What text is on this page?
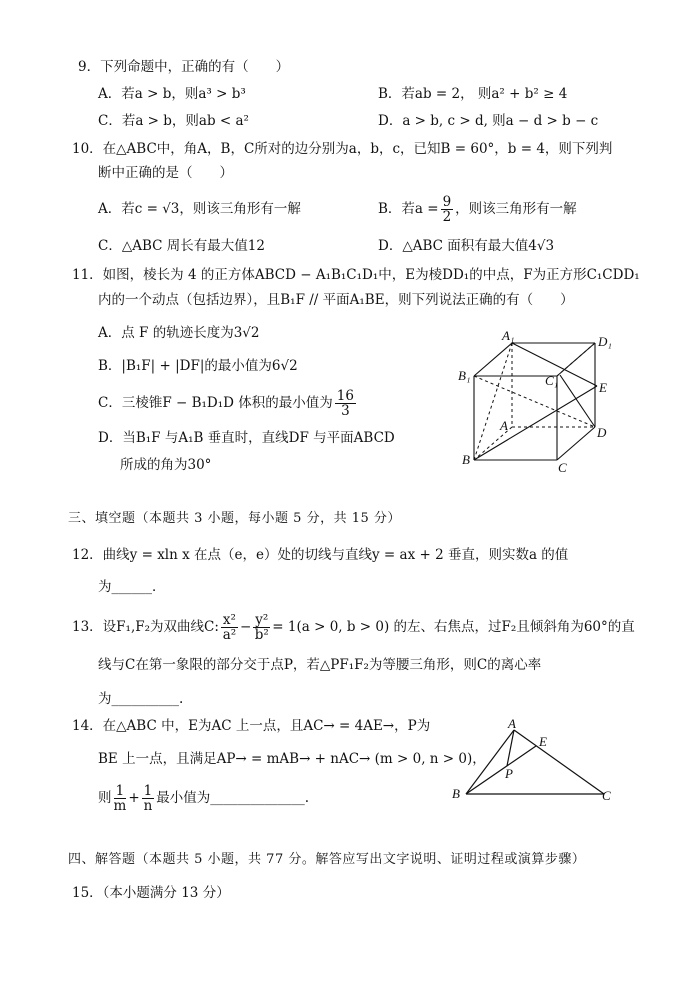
9．下列命题中，正确的有（　　）
A．若a > b，则a³ > b³	B．若ab = 2， 则a² + b² ≥ 4
C．若a > b，则ab < a²	D．a > b, c > d, 则a − d > b − c
10．在△ABC中，角A，B，C所对的边分别为a，b，c，已知B = 60°，b = 4，则下列判
断中正确的是（　　）
A．若c = √3，则该三角形有一解	B．若$a = \frac{9}{2}$ ，则该三角形有一解
C．△ABC 周长有最大值12	D．△ABC 面积有最大值4√3
11．如图，棱长为 4 的正方体ABCD − A₁B₁C₁D₁中，E为棱DD₁的中点，F为正方形C₁CDD₁
内的一个动点（包括边界），且B₁F // 平面A₁BE，则下列说法正确的有（　　）
A．点 F 的轨迹长度为3√2
B．|B₁F| + |DF|的最小值为6√2
C．三棱锥F − B₁D₁D 体积的最小值为 $\frac{16}{3}$
D．当B₁F 与A₁B 垂直时，直线DF 与平面ABCD
所成的角为30°
A₁	D₁
B₁	C₁	E
A	D
B
C
三、填空题（本题共 3 小题，每小题 5 分，共 15 分）
12．曲线y = xln x 在点（e，e）处的切线与直线y = ax + 2 垂直，则实数a 的值
为______．
13．设F₁,F₂为双曲线C: $\frac{\text{x²}}{\text{a²}} - \frac{\text{y²}}{\text{b²}} = 1(a > 0$, b > 0) 的左、右焦点，过F₂且倾斜角为60°的直
线与C在第一象限的部分交于点P，若△PF₁F₂为等腰三角形，则C的离心率
为__________.
14．在△ABC 中，E为AC 上一点，且AC→ = 4AE→，P为
BE 上一点，且满足AP→ = mAB→ + nAC→ (m > 0, n > 0)，
则 $\frac{1}{m} + \frac{1}{n}$ 最小值为______________.
A
E
P
B	C
四、解答题（本题共 5 小题，共 77 分。解答应写出文字说明、证明过程或演算步骤）
15．（本小题满分 13 分）
